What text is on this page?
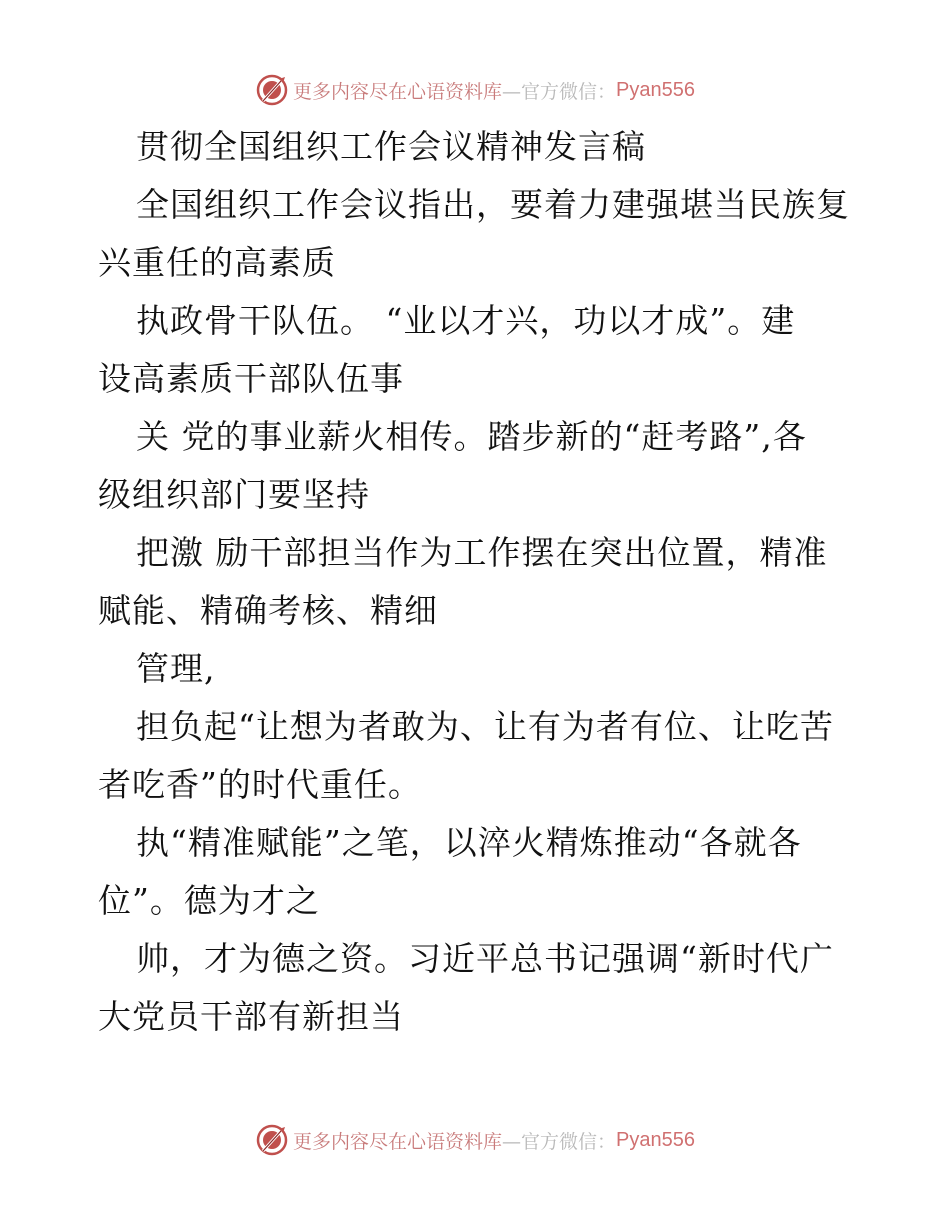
更多内容尽在心语资料库 —官方微信： Pyan556

贯彻全国组织工作会议精神发言稿

全国组织工作会议指出，要着力建强堪当民族复
兴重任的高素质

执政骨干队伍。 “业以才兴，功以才成”。建
设高素质干部队伍事

关 党的事业薪火相传。踏步新的“赶考路”,各
级组织部门要坚持

把激 励干部担当作为工作摆在突出位置，精准
赋能、精确考核、精细

管理,

担负起“让想为者敢为、让有为者有位、让吃苦
者吃香”的时代重任。

执“精准赋能”之笔，以淬火精炼推动“各就各
位”。德为才之

帅，才为德之资。习近平总书记强调“新时代广
大党员干部有新担当

更多内容尽在心语资料库 —官方微信： Pyan556
